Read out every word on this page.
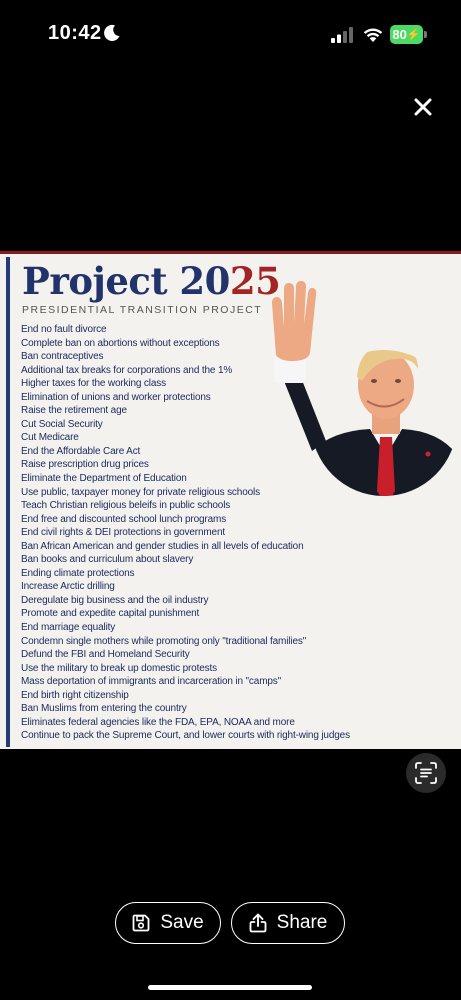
10:42	80 ⚡
Project 2025
PRESIDENTIAL TRANSITION PROJECT
End no fault divorce
Complete ban on abortions without exceptions
Ban contraceptives
Additional tax breaks for corporations and the 1%
Higher taxes for the working class
Elimination of unions and worker protections
Raise the retirement age
Cut Social Security
Cut Medicare
End the Affordable Care Act
Raise prescription drug prices
Eliminate the Department of Education
Use public, taxpayer money for private religious schools
Teach Christian religious beleifs in public schools
End free and discounted school lunch programs
End civil rights & DEI protections in government
Ban African American and gender studies in all levels of education
Ban books and curriculum about slavery
Ending climate protections
Increase Arctic drilling
Deregulate big business and the oil industry
Promote and expedite capital punishment
End marriage equality
Condemn single mothers while promoting only "traditional families"
Defund the FBI and Homeland Security
Use the military to break up domestic protests
Mass deportation of immigrants and incarceration in "camps"
End birth right citizenship
Ban Muslims from entering the country
Eliminates federal agencies like the FDA, EPA, NOAA and more
Continue to pack the Supreme Court, and lower courts with right-wing judges
Save	Share
